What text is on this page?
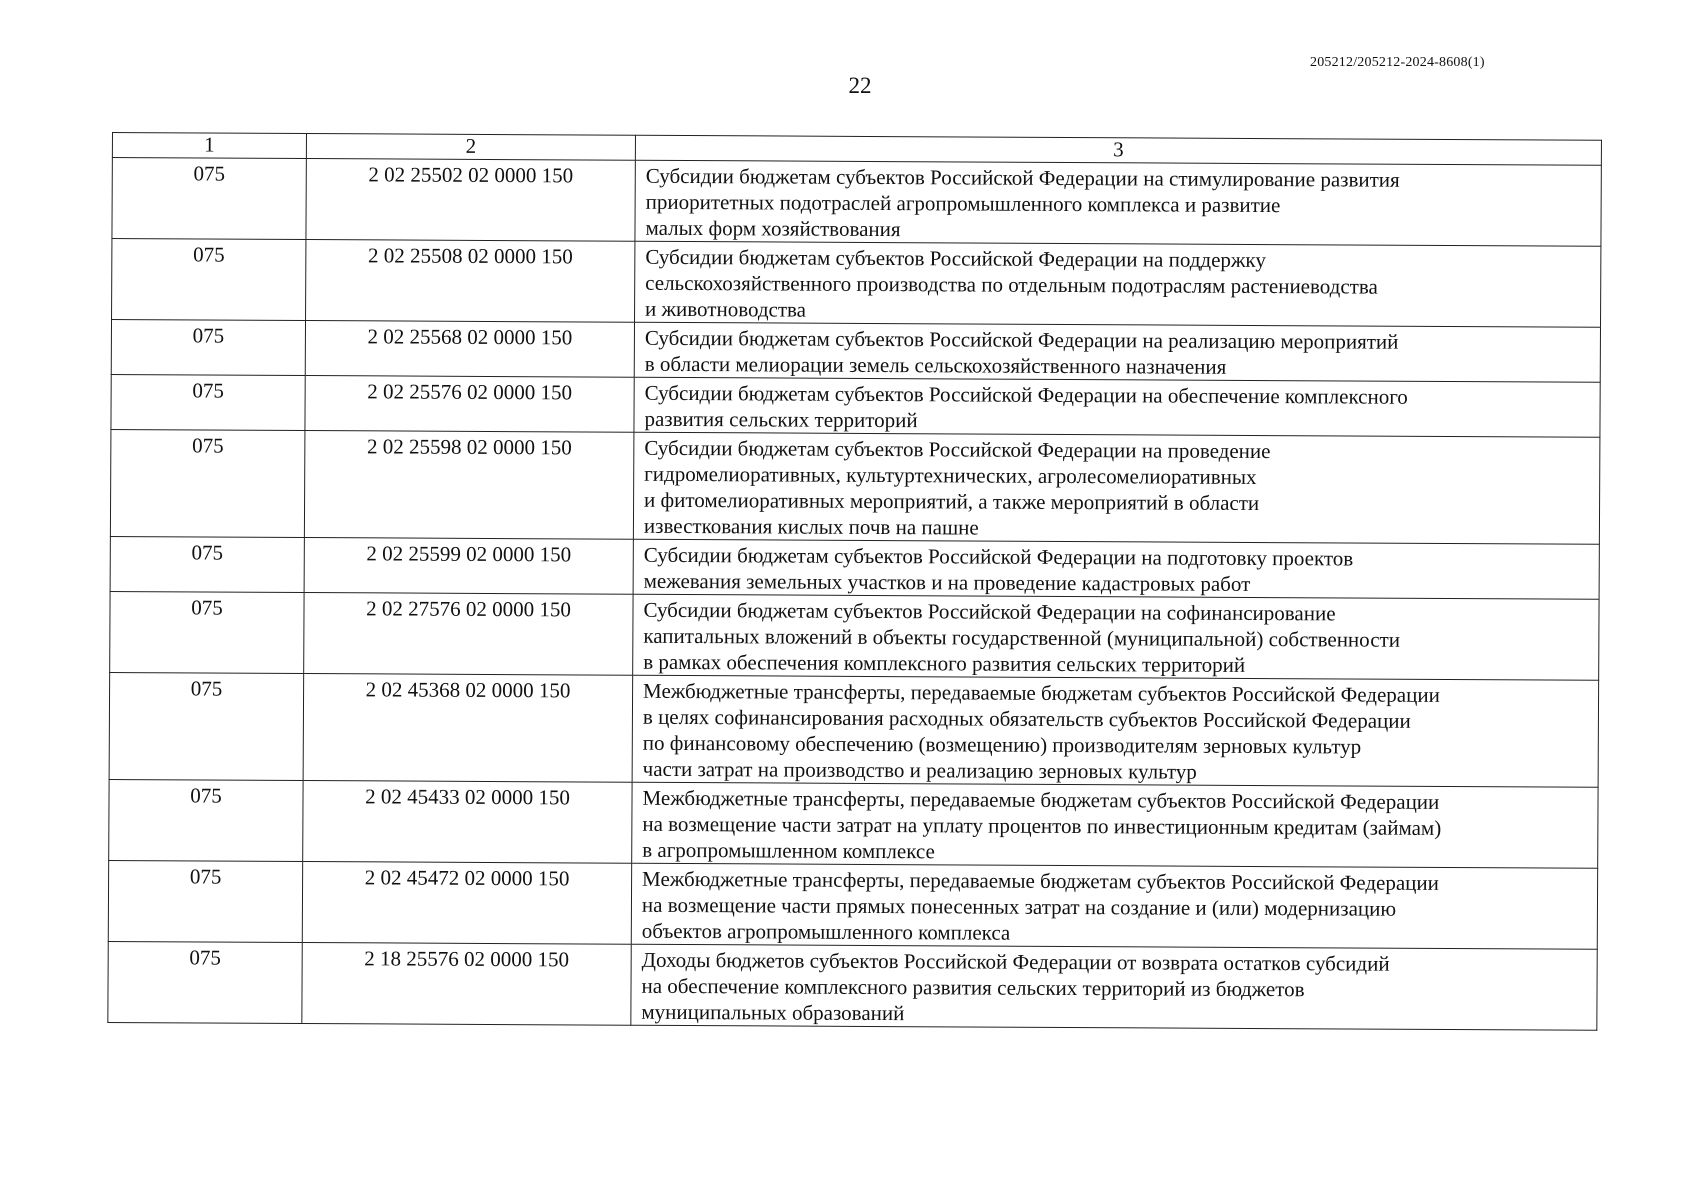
205212/205212-2024-8608(1)
22
1	2	3
075	2 02 25502 02 0000 150	Субсидии бюджетам субъектов Российской Федерации на стимулирование развития
приоритетных подотраслей агропромышленного комплекса и развитие
малых форм хозяйствования
075	2 02 25508 02 0000 150	Субсидии бюджетам субъектов Российской Федерации на поддержку
сельскохозяйственного производства по отдельным подотраслям растениеводства
и животноводства
075	2 02 25568 02 0000 150	Субсидии бюджетам субъектов Российской Федерации на реализацию мероприятий
в области мелиорации земель сельскохозяйственного назначения
075	2 02 25576 02 0000 150	Субсидии бюджетам субъектов Российской Федерации на обеспечение комплексного
развития сельских территорий
075	2 02 25598 02 0000 150	Субсидии бюджетам субъектов Российской Федерации на проведение
гидромелиоративных, культуртехнических, агролесомелиоративных
и фитомелиоративных мероприятий, а также мероприятий в области
известкования кислых почв на пашне
075	2 02 25599 02 0000 150	Субсидии бюджетам субъектов Российской Федерации на подготовку проектов
межевания земельных участков и на проведение кадастровых работ
075	2 02 27576 02 0000 150	Субсидии бюджетам субъектов Российской Федерации на софинансирование
капитальных вложений в объекты государственной (муниципальной) собственности
в рамках обеспечения комплексного развития сельских территорий
075	2 02 45368 02 0000 150	Межбюджетные трансферты, передаваемые бюджетам субъектов Российской Федерации
в целях софинансирования расходных обязательств субъектов Российской Федерации
по финансовому обеспечению (возмещению) производителям зерновых культур
части затрат на производство и реализацию зерновых культур
075	2 02 45433 02 0000 150	Межбюджетные трансферты, передаваемые бюджетам субъектов Российской Федерации
на возмещение части затрат на уплату процентов по инвестиционным кредитам (займам)
в агропромышленном комплексе
075	2 02 45472 02 0000 150	Межбюджетные трансферты, передаваемые бюджетам субъектов Российской Федерации
на возмещение части прямых понесенных затрат на создание и (или) модернизацию
объектов агропромышленного комплекса
075	2 18 25576 02 0000 150	Доходы бюджетов субъектов Российской Федерации от возврата остатков субсидий
на обеспечение комплексного развития сельских территорий из бюджетов
муниципальных образований
